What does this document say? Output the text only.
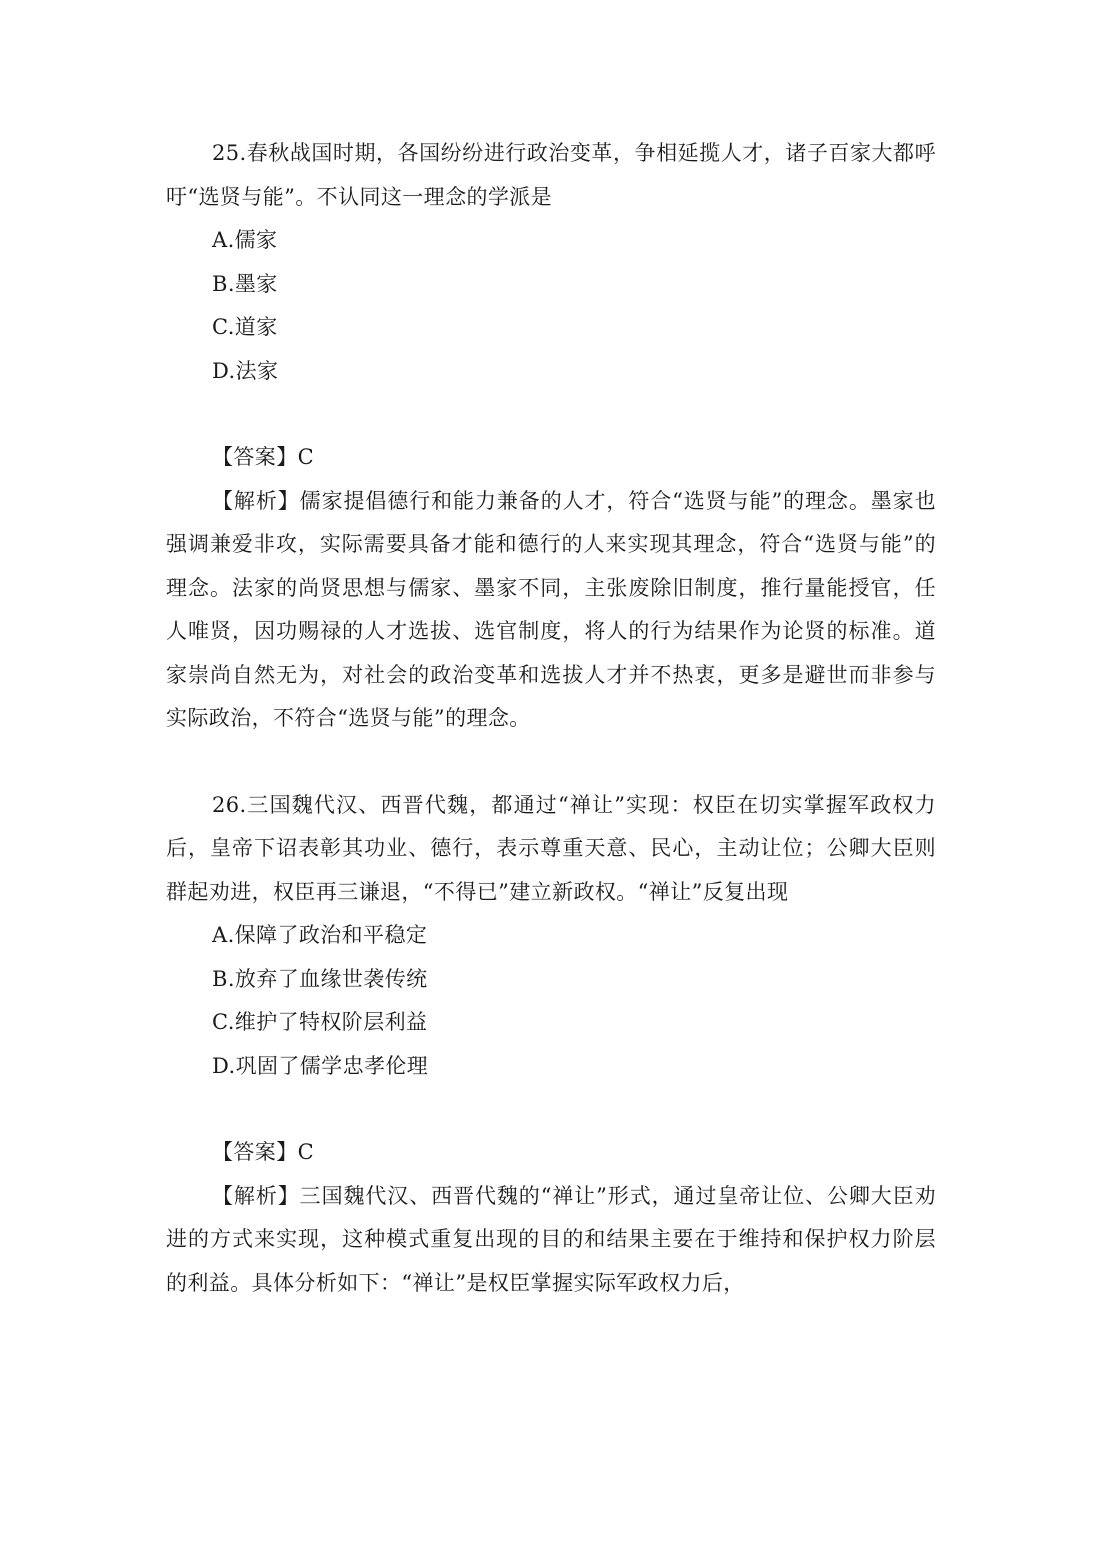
25.春秋战国时期，各国纷纷进行政治变革，争相延揽人才，诸子百家大都呼吁“选贤与能”。不认同这一理念的学派是

A.儒家

B.墨家

C.道家

D.法家

【答案】C

【解析】儒家提倡德行和能力兼备的人才，符合“选贤与能”的理念。墨家也强调兼爱非攻，实际需要具备才能和德行的人来实现其理念，符合“选贤与能”的理念。法家的尚贤思想与儒家、墨家不同，主张废除旧制度，推行量能授官，任人唯贤，因功赐禄的人才选拔、选官制度，将人的行为结果作为论贤的标准。道家崇尚自然无为，对社会的政治变革和选拔人才并不热衷，更多是避世而非参与实际政治，不符合“选贤与能”的理念。

26.三国魏代汉、西晋代魏，都通过“禅让”实现：权臣在切实掌握军政权力后，皇帝下诏表彰其功业、德行，表示尊重天意、民心，主动让位；公卿大臣则群起劝进，权臣再三谦退，“不得已”建立新政权。“禅让”反复出现

A.保障了政治和平稳定

B.放弃了血缘世袭传统

C.维护了特权阶层利益

D.巩固了儒学忠孝伦理

【答案】C

【解析】三国魏代汉、西晋代魏的“禅让”形式，通过皇帝让位、公卿大臣劝进的方式来实现，这种模式重复出现的目的和结果主要在于维持和保护权力阶层的利益。具体分析如下：“禅让”是权臣掌握实际军政权力后，
